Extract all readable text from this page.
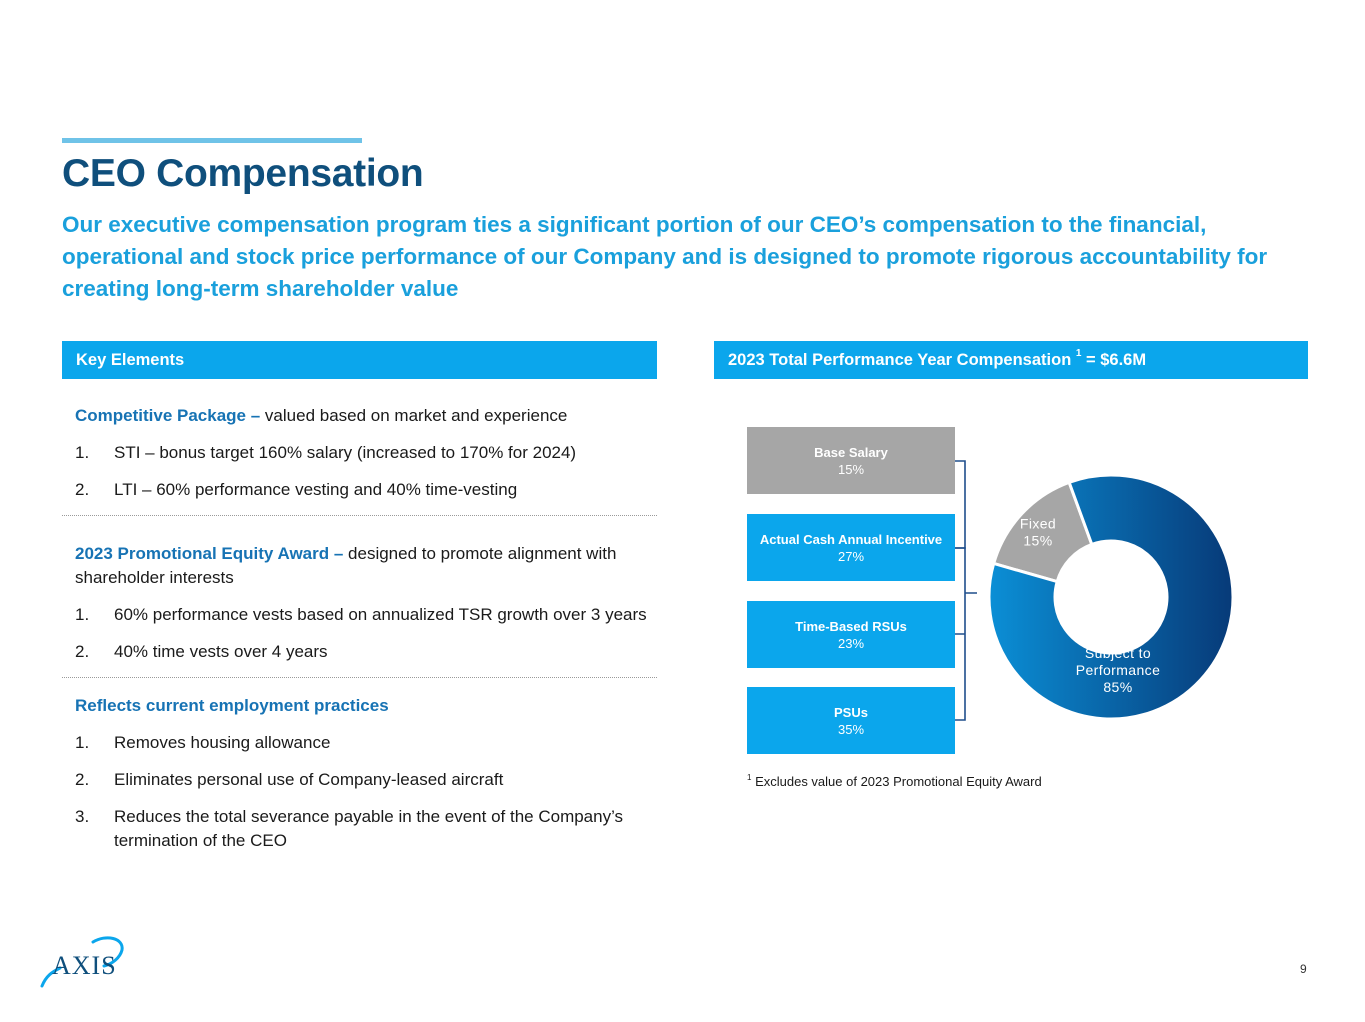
CEO Compensation

Our executive compensation program ties a significant portion of our CEO’s compensation to the financial, operational and stock price performance of our Company and is designed to promote rigorous accountability for creating long-term shareholder value

Key Elements

Competitive Package – valued based on market and experience

1.	STI – bonus target 160% salary (increased to 170% for 2024)
2.	LTI – 60% performance vesting and 40% time-vesting

2023 Promotional Equity Award – designed to promote alignment with shareholder interests

1.	60% performance vests based on annualized TSR growth over 3 years
2.	40% time vests over 4 years

Reflects current employment practices

1.	Removes housing allowance
2.	Eliminates personal use of Company-leased aircraft
3.	Reduces the total severance payable in the event of the Company’s termination of the CEO
2023 Total Performance Year Compensation $^1$ = $6.6M
Base Salary
15%
Actual Cash Annual Incentive
27%
Time-Based RSUs
23%
PSUs
35%
Fixed 15%
Subject to Performance 85%
$^1$ Excludes value of 2023 Promotional Equity Award
AXIS	9
